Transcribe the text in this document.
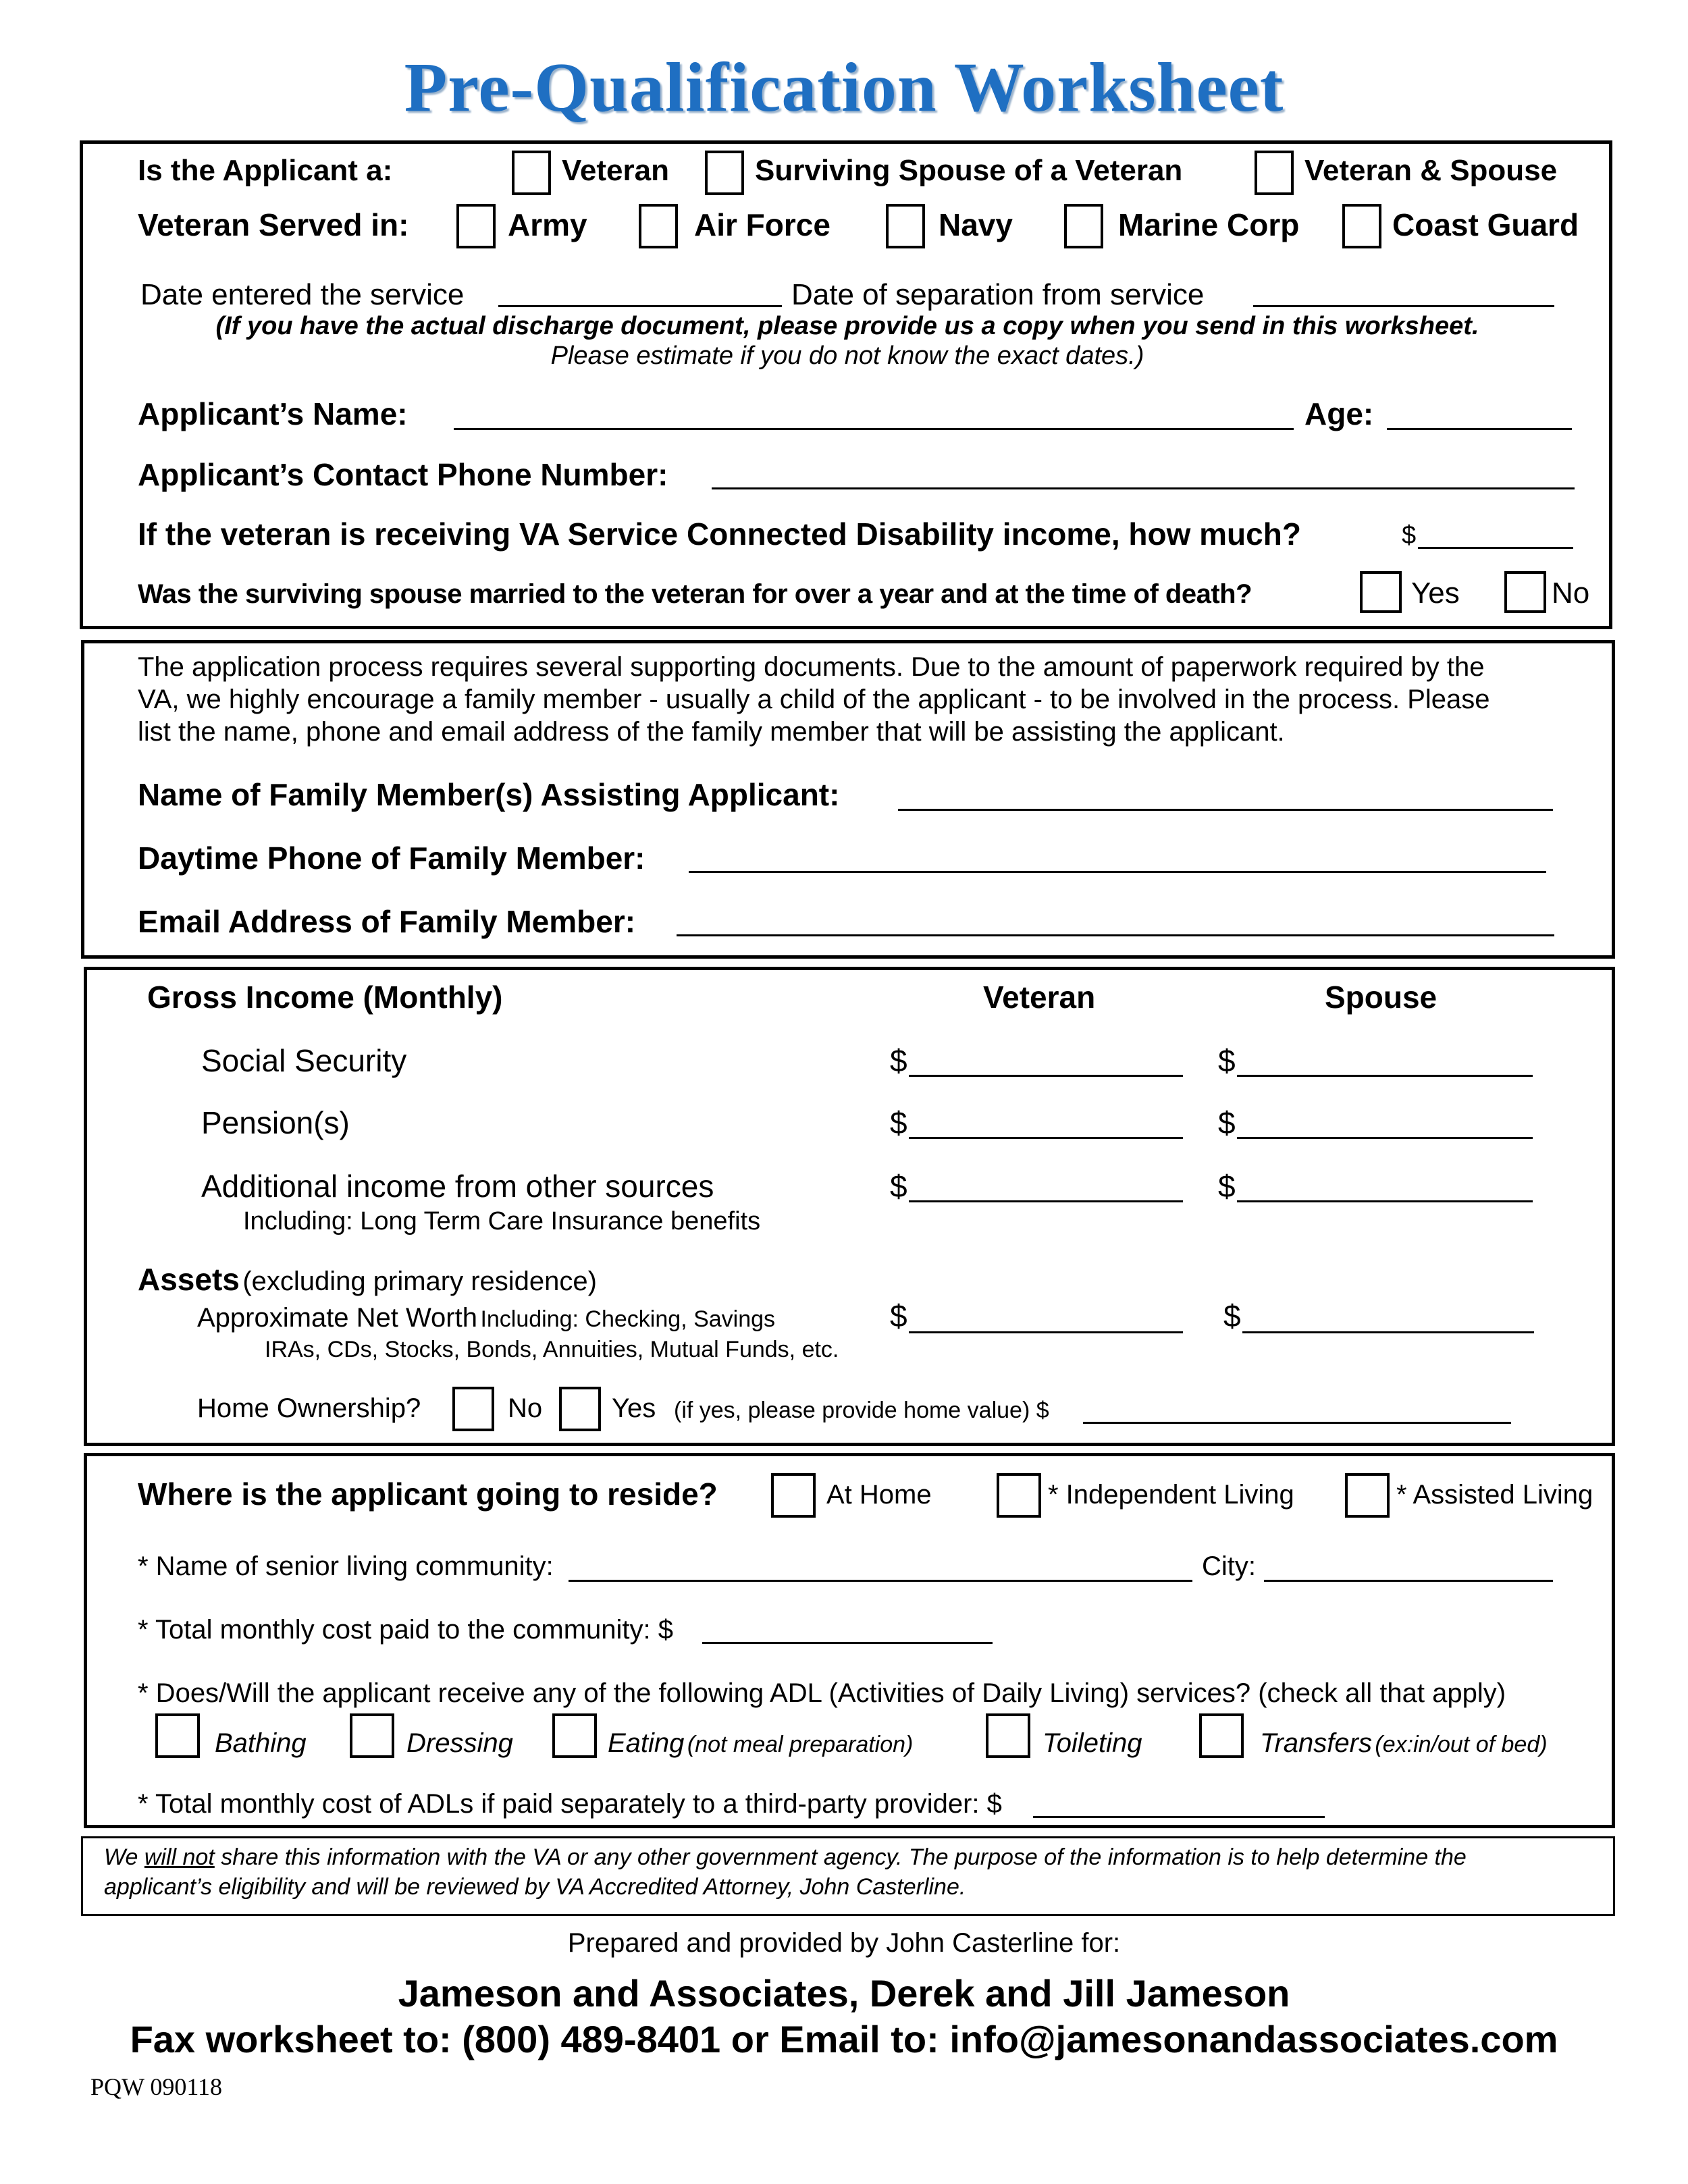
Pre-Qualification Worksheet
Is the Applicant a:	Veteran	Surviving Spouse of a Veteran	Veteran & Spouse
Veteran Served in:	Army	Air Force	Navy	Marine Corp	Coast Guard
Date entered the service	Date of separation from service
(If you have the actual discharge document, please provide us a copy when you send in this worksheet.
Please estimate if you do not know the exact dates.)
Applicant’s Name:	Age:
Applicant’s Contact Phone Number:
If the veteran is receiving VA Service Connected Disability income, how much?	$
Was the surviving spouse married to the veteran for over a year and at the time of death?	Yes	No
The application process requires several supporting documents. Due to the amount of paperwork required by the
VA, we highly encourage a family member - usually a child of the applicant - to be involved in the process. Please
list the name, phone and email address of the family member that will be assisting the applicant.
Name of Family Member(s) Assisting Applicant:
Daytime Phone of Family Member:
Email Address of Family Member:
Gross Income (Monthly)	Veteran	Spouse
Social Security	$	$
Pension(s)	$	$
Additional income from other sources
Including: Long Term Care Insurance benefits
$	$
Assets (excluding primary residence)
Approximate Net Worth Including: Checking, Savings
IRAs, CDs, Stocks, Bonds, Annuities, Mutual Funds, etc.
$	$
Home Ownership?	No	Yes (if yes, please provide home value) $
Where is the applicant going to reside?	At Home	* Independent Living	* Assisted Living
* Name of senior living community:	City:
* Total monthly cost paid to the community: $
* Does/Will the applicant receive any of the following ADL (Activities of Daily Living) services? (check all that apply)
Bathing	Dressing	Eating (not meal preparation)	Toileting	Transfers (ex:in/out of bed)
* Total monthly cost of ADLs if paid separately to a third-party provider: $
We will not share this information with the VA or any other government agency. The purpose of the information is to help determine the
applicant’s eligibility and will be reviewed by VA Accredited Attorney, John Casterline.
Prepared and provided by John Casterline for:
Jameson and Associates, Derek and Jill Jameson
Fax worksheet to: (800) 489-8401 or Email to: info@jamesonandassociates.com
PQW 090118
